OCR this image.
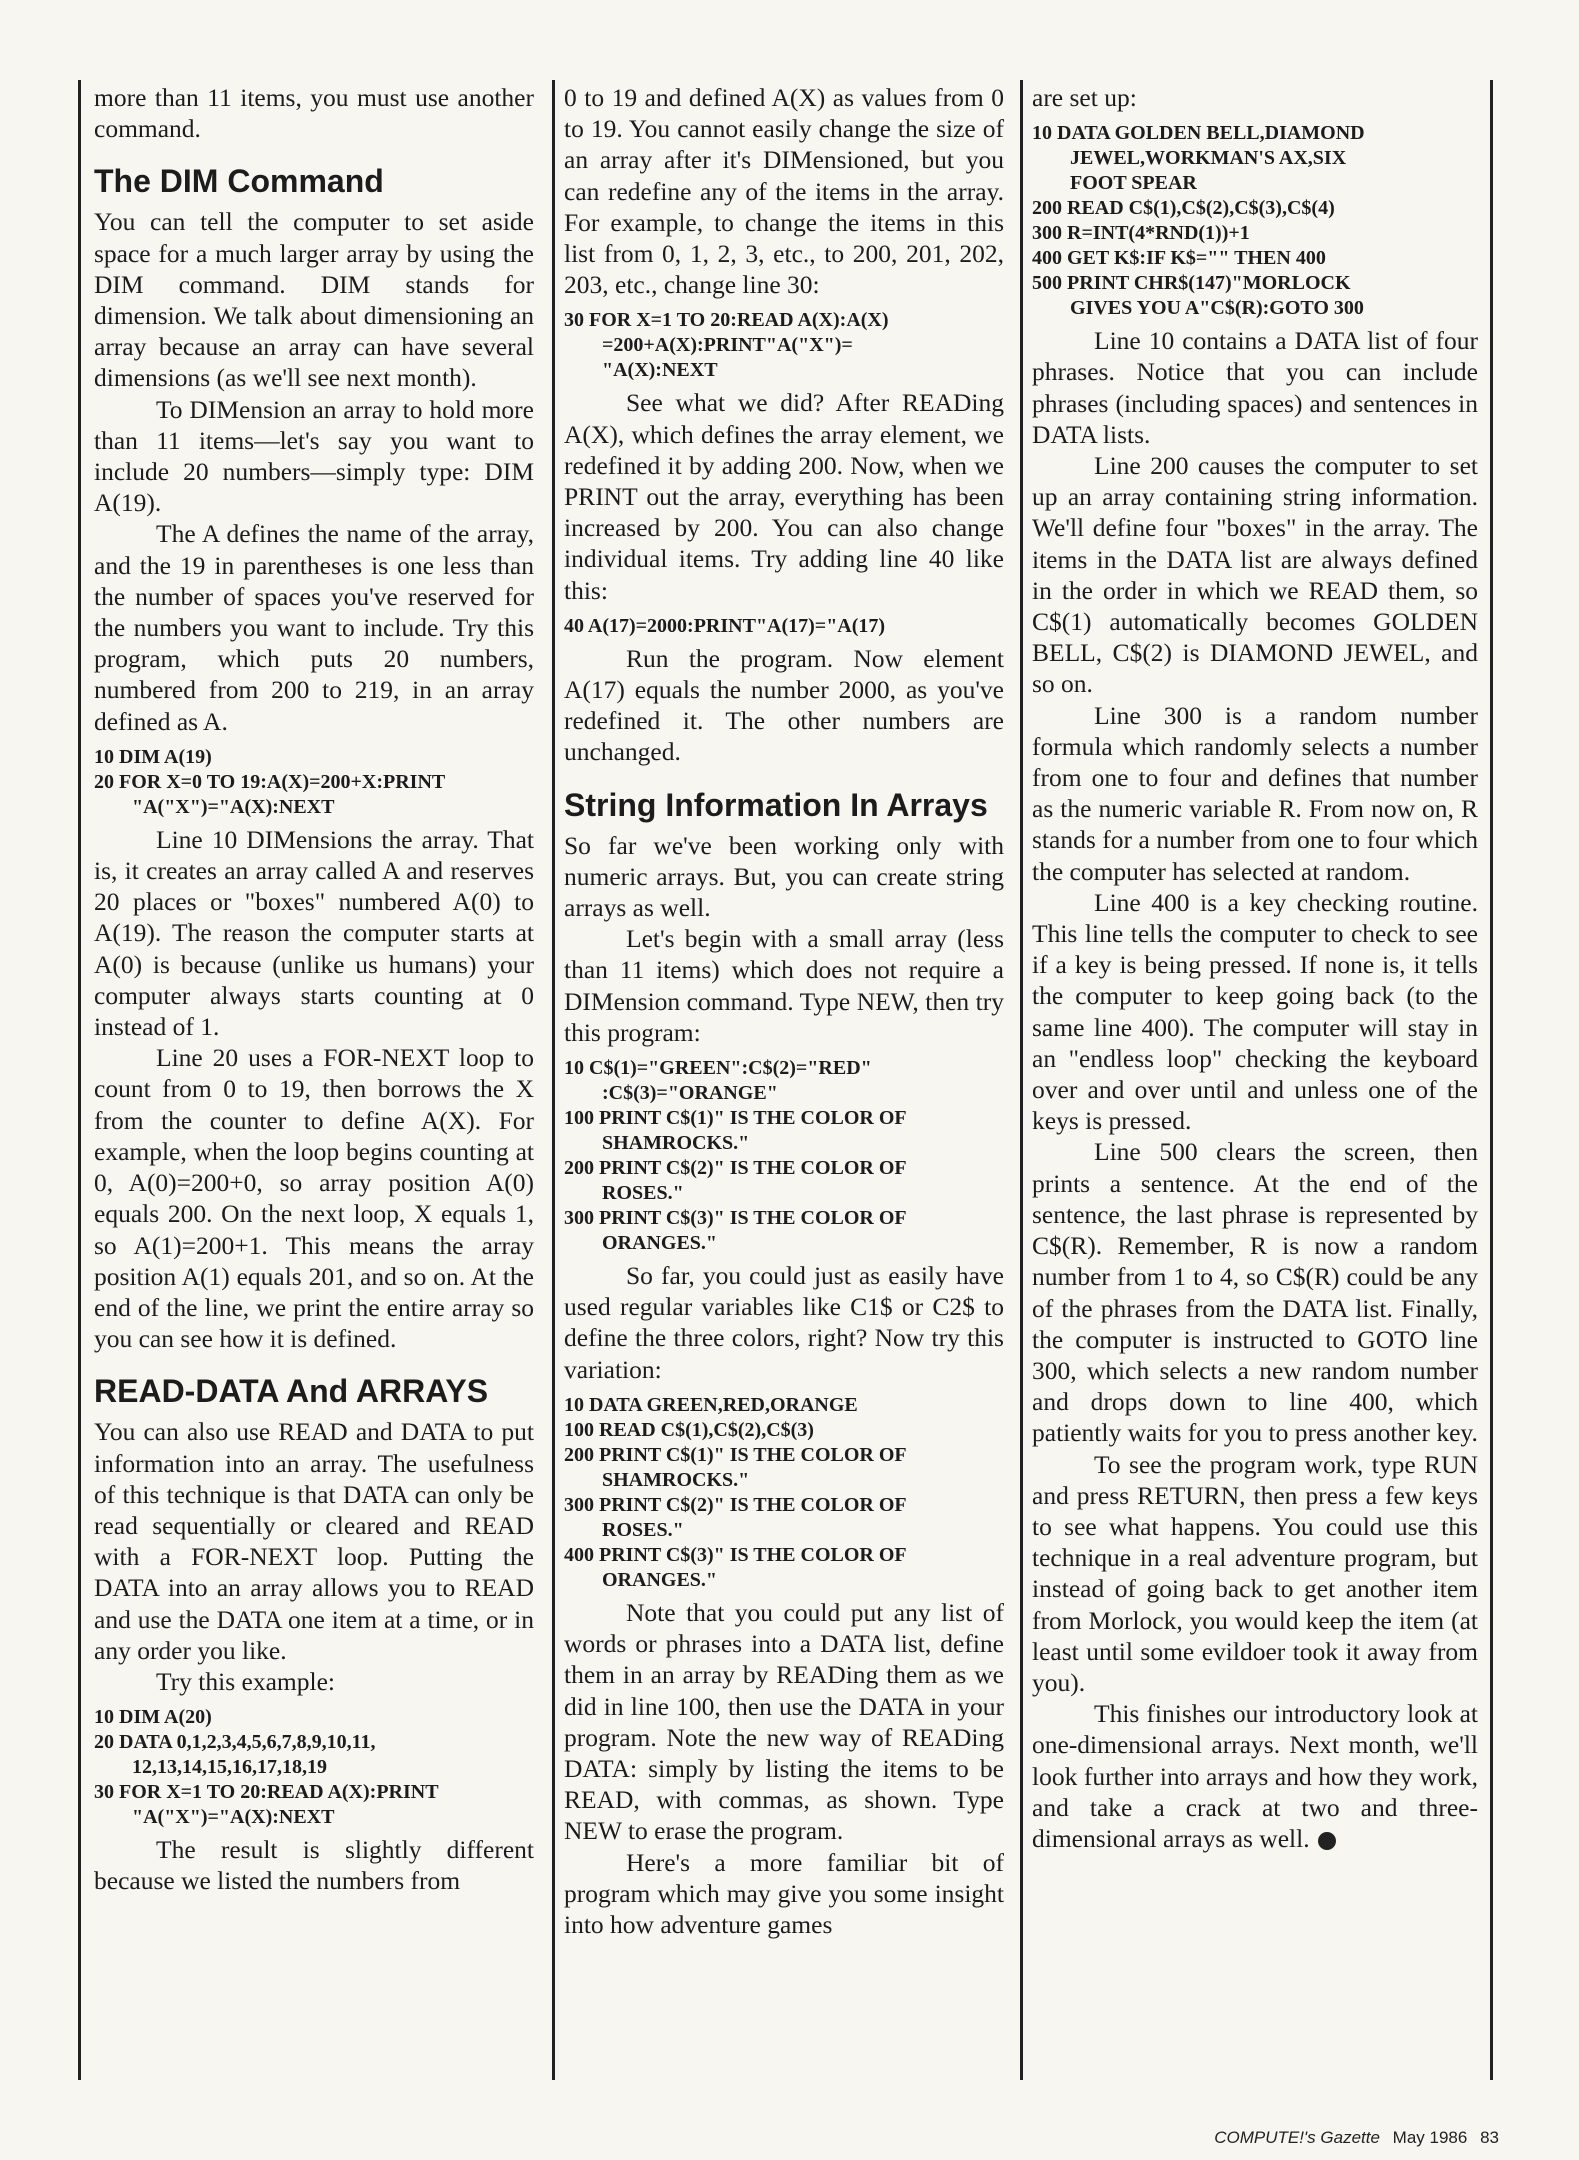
more than 11 items, you must use another command.

The DIM Command

You can tell the computer to set aside space for a much larger array by using the DIM command. DIM stands for dimension. We talk about dimensioning an array because an array can have several dimensions (as we'll see next month).

To DIMension an array to hold more than 11 items—let's say you want to include 20 numbers—simply type: DIM A(19).

The A defines the name of the array, and the 19 in parentheses is one less than the number of spaces you've reserved for the numbers you want to include. Try this program, which puts 20 numbers, numbered from 200 to 219, in an array defined as A.

10 DIM A(19)
20 FOR X=0 TO 19:A(X)=200+X:PRINT
"A("X")="A(X):NEXT

Line 10 DIMensions the array. That is, it creates an array called A and reserves 20 places or "boxes" numbered A(0) to A(19). The reason the computer starts at A(0) is because (unlike us humans) your computer always starts counting at 0 instead of 1.

Line 20 uses a FOR-NEXT loop to count from 0 to 19, then borrows the X from the counter to define A(X). For example, when the loop begins counting at 0, A(0)=200+0, so array position A(0) equals 200. On the next loop, X equals 1, so A(1)=200+1. This means the array position A(1) equals 201, and so on. At the end of the line, we print the entire array so you can see how it is defined.

READ-DATA And ARRAYS

You can also use READ and DATA to put information into an array. The usefulness of this technique is that DATA can only be read sequentially or cleared and READ with a FOR-NEXT loop. Putting the DATA into an array allows you to READ and use the DATA one item at a time, or in any order you like.

Try this example:

10 DIM A(20)
20 DATA 0,1,2,3,4,5,6,7,8,9,10,11,
12,13,14,15,16,17,18,19
30 FOR X=1 TO 20:READ A(X):PRINT
"A("X")="A(X):NEXT

The result is slightly different because we listed the numbers from

0 to 19 and defined A(X) as values from 0 to 19. You cannot easily change the size of an array after it's DIMensioned, but you can redefine any of the items in the array. For example, to change the items in this list from 0, 1, 2, 3, etc., to 200, 201, 202, 203, etc., change line 30:

30 FOR X=1 TO 20:READ A(X):A(X)
=200+A(X):PRINT"A("X")=
"A(X):NEXT

See what we did? After READing A(X), which defines the array element, we redefined it by adding 200. Now, when we PRINT out the array, everything has been increased by 200. You can also change individual items. Try adding line 40 like this:

40 A(17)=2000:PRINT"A(17)="A(17)

Run the program. Now element A(17) equals the number 2000, as you've redefined it. The other numbers are unchanged.

String Information In Arrays

So far we've been working only with numeric arrays. But, you can create string arrays as well.

Let's begin with a small array (less than 11 items) which does not require a DIMension command. Type NEW, then try this program:

10 C$(1)="GREEN":C$(2)="RED"
:C$(3)="ORANGE"
100 PRINT C$(1)" IS THE COLOR OF
SHAMROCKS."
200 PRINT C$(2)" IS THE COLOR OF
ROSES."
300 PRINT C$(3)" IS THE COLOR OF
ORANGES."

So far, you could just as easily have used regular variables like C1$ or C2$ to define the three colors, right? Now try this variation:

10 DATA GREEN,RED,ORANGE
100 READ C$(1),C$(2),C$(3)
200 PRINT C$(1)" IS THE COLOR OF
SHAMROCKS."
300 PRINT C$(2)" IS THE COLOR OF
ROSES."
400 PRINT C$(3)" IS THE COLOR OF
ORANGES."

Note that you could put any list of words or phrases into a DATA list, define them in an array by READing them as we did in line 100, then use the DATA in your program. Note the new way of READing DATA: simply by listing the items to be READ, with commas, as shown. Type NEW to erase the program.

Here's a more familiar bit of program which may give you some insight into how adventure games

are set up:

10 DATA GOLDEN BELL,DIAMOND
JEWEL,WORKMAN'S AX,SIX
FOOT SPEAR
200 READ C$(1),C$(2),C$(3),C$(4)
300 R=INT(4*RND(1))+1
400 GET K$:IF K$="" THEN 400
500 PRINT CHR$(147)"MORLOCK
GIVES YOU A"C$(R):GOTO 300

Line 10 contains a DATA list of four phrases. Notice that you can include phrases (including spaces) and sentences in DATA lists.

Line 200 causes the computer to set up an array containing string information. We'll define four "boxes" in the array. The items in the DATA list are always defined in the order in which we READ them, so C$(1) automatically becomes GOLDEN BELL, C$(2) is DIAMOND JEWEL, and so on.

Line 300 is a random number formula which randomly selects a number from one to four and defines that number as the numeric variable R. From now on, R stands for a number from one to four which the computer has selected at random.

Line 400 is a key checking routine. This line tells the computer to check to see if a key is being pressed. If none is, it tells the computer to keep going back (to the same line 400). The computer will stay in an "endless loop" checking the keyboard over and over until and unless one of the keys is pressed.

Line 500 clears the screen, then prints a sentence. At the end of the sentence, the last phrase is represented by C$(R). Remember, R is now a random number from 1 to 4, so C$(R) could be any of the phrases from the DATA list. Finally, the computer is instructed to GOTO line 300, which selects a new random number and drops down to line 400, which patiently waits for you to press another key.

To see the program work, type RUN and press RETURN, then press a few keys to see what happens. You could use this technique in a real adventure program, but instead of going back to get another item from Morlock, you would keep the item (at least until some evildoer took it away from you).

This finishes our introductory look at one-dimensional arrays. Next month, we'll look further into arrays and how they work, and take a crack at two and three-dimensional arrays as well.

COMPUTE!'s Gazette May 1986 83
